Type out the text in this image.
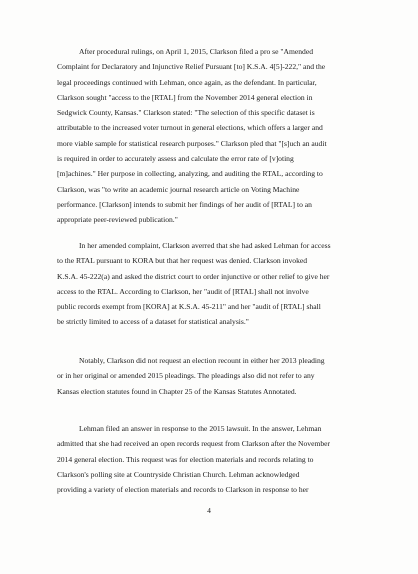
After procedural rulings, on April 1, 2015, Clarkson filed a pro se "Amended
Complaint for Declaratory and Injunctive Relief Pursuant [to] K.S.A. 4[5]-222," and the
legal proceedings continued with Lehman, once again, as the defendant. In particular,
Clarkson sought "access to the [RTAL] from the November 2014 general election in
Sedgwick County, Kansas." Clarkson stated: "The selection of this specific dataset is
attributable to the increased voter turnout in general elections, which offers a larger and
more viable sample for statistical research purposes." Clarkson pled that "[s]uch an audit
is required in order to accurately assess and calculate the error rate of [v]oting
[m]achines." Her purpose in collecting, analyzing, and auditing the RTAL, according to
Clarkson, was "to write an academic journal research article on Voting Machine
performance. [Clarkson] intends to submit her findings of her audit of [RTAL] to an
appropriate peer-reviewed publication."
In her amended complaint, Clarkson averred that she had asked Lehman for access
to the RTAL pursuant to KORA but that her request was denied. Clarkson invoked
K.S.A. 45-222(a) and asked the district court to order injunctive or other relief to give her
access to the RTAL. According to Clarkson, her "audit of [RTAL] shall not involve
public records exempt from [KORA] at K.S.A. 45-211" and her "audit of [RTAL] shall
be strictly limited to access of a dataset for statistical analysis."
Notably, Clarkson did not request an election recount in either her 2013 pleading
or in her original or amended 2015 pleadings. The pleadings also did not refer to any
Kansas election statutes found in Chapter 25 of the Kansas Statutes Annotated.
Lehman filed an answer in response to the 2015 lawsuit. In the answer, Lehman
admitted that she had received an open records request from Clarkson after the November
2014 general election. This request was for election materials and records relating to
Clarkson's polling site at Countryside Christian Church. Lehman acknowledged
providing a variety of election materials and records to Clarkson in response to her
4
